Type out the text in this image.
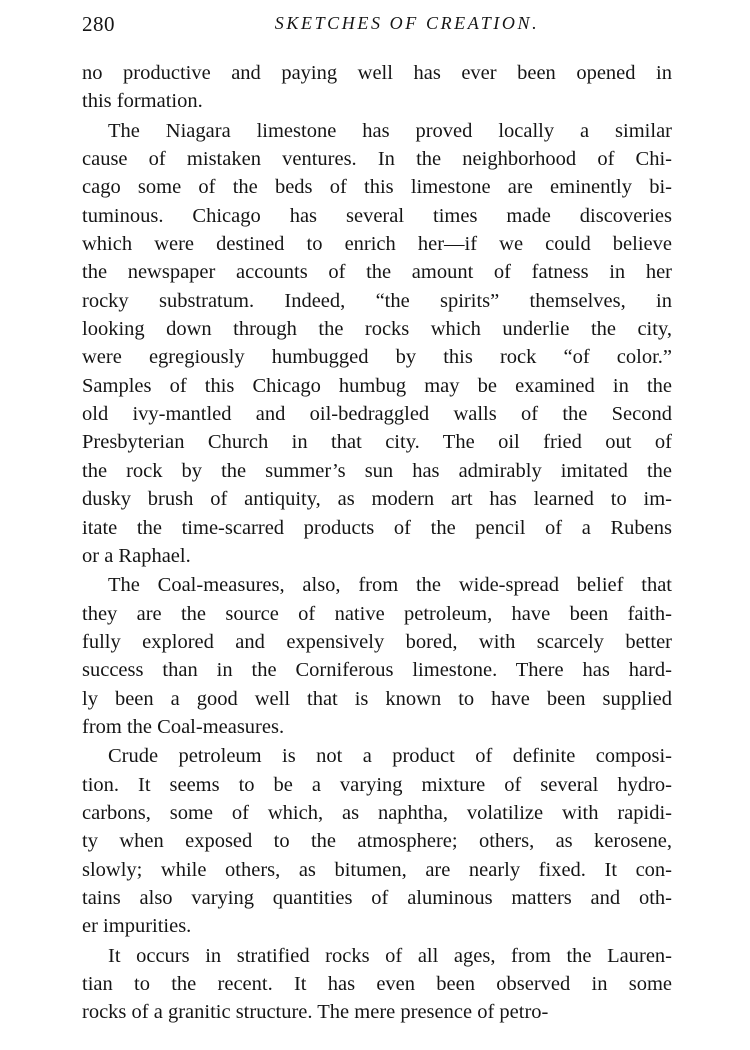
280	SKETCHES OF CREATION.
no productive and paying well has ever been opened in
this formation.
The Niagara limestone has proved locally a similar
cause of mistaken ventures. In the neighborhood of Chi-
cago some of the beds of this limestone are eminently bi-
tuminous. Chicago has several times made discoveries
which were destined to enrich her—if we could believe
the newspaper accounts of the amount of fatness in her
rocky substratum. Indeed, “the spirits” themselves, in
looking down through the rocks which underlie the city,
were egregiously humbugged by this rock “of color.”
Samples of this Chicago humbug may be examined in the
old ivy-mantled and oil-bedraggled walls of the Second
Presbyterian Church in that city. The oil fried out of
the rock by the summer’s sun has admirably imitated the
dusky brush of antiquity, as modern art has learned to im-
itate the time-scarred products of the pencil of a Rubens
or a Raphael.
The Coal-measures, also, from the wide-spread belief that
they are the source of native petroleum, have been faith-
fully explored and expensively bored, with scarcely better
success than in the Corniferous limestone. There has hard-
ly been a good well that is known to have been supplied
from the Coal-measures.
Crude petroleum is not a product of definite composi-
tion. It seems to be a varying mixture of several hydro-
carbons, some of which, as naphtha, volatilize with rapidi-
ty when exposed to the atmosphere; others, as kerosene,
slowly; while others, as bitumen, are nearly fixed. It con-
tains also varying quantities of aluminous matters and oth-
er impurities.
It occurs in stratified rocks of all ages, from the Lauren-
tian to the recent. It has even been observed in some
rocks of a granitic structure. The mere presence of petro-
